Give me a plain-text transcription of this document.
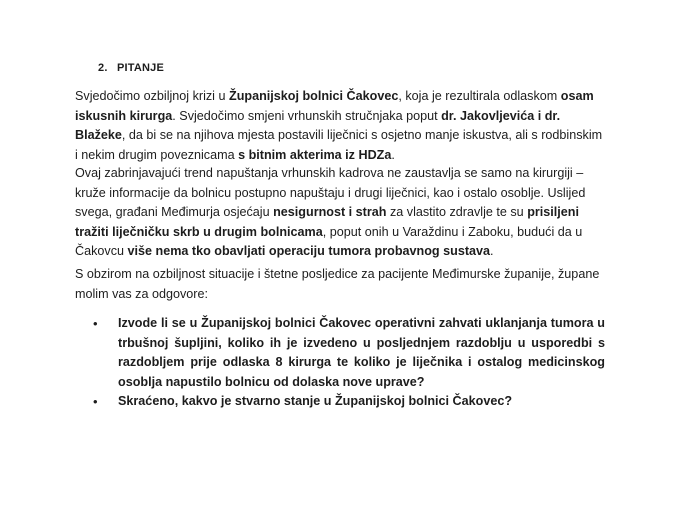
2. PITANJE

Svjedočimo ozbiljnoj krizi u Županijskoj bolnici Čakovec, koja je rezultirala odlaskom osam iskusnih kirurga. Svjedočimo smjeni vrhunskih stručnjaka poput dr. Jakovljevića i dr. Blažeke, da bi se na njihova mjesta postavili liječnici s osjetno manje iskustva, ali s rodbinskim i nekim drugim poveznicama s bitnim akterima iz HDZa.

Ovaj zabrinjavajući trend napuštanja vrhunskih kadrova ne zaustavlja se samo na kirurgiji – kruže informacije da bolnicu postupno napuštaju i drugi liječnici, kao i ostalo osoblje. Uslijed svega, građani Međimurja osjećaju nesigurnost i strah za vlastito zdravlje te su prisiljeni tražiti liječničku skrb u drugim bolnicama, poput onih u Varaždinu i Zaboku, budući da u Čakovcu više nema tko obavljati operaciju tumora probavnog sustava.

S obzirom na ozbiljnost situacije i štetne posljedice za pacijente Međimurske županije, župane molim vas za odgovore:

• Izvode li se u Županijskoj bolnici Čakovec operativni zahvati uklanjanja tumora u trbušnoj šupljini, koliko ih je izvedeno u posljednjem razdoblju u usporedbi s razdobljem prije odlaska 8 kirurga te koliko je liječnika i ostalog medicinskog osoblja napustilo bolnicu od dolaska nove uprave?
• Skraćeno, kakvo je stvarno stanje u Županijskoj bolnici Čakovec?
